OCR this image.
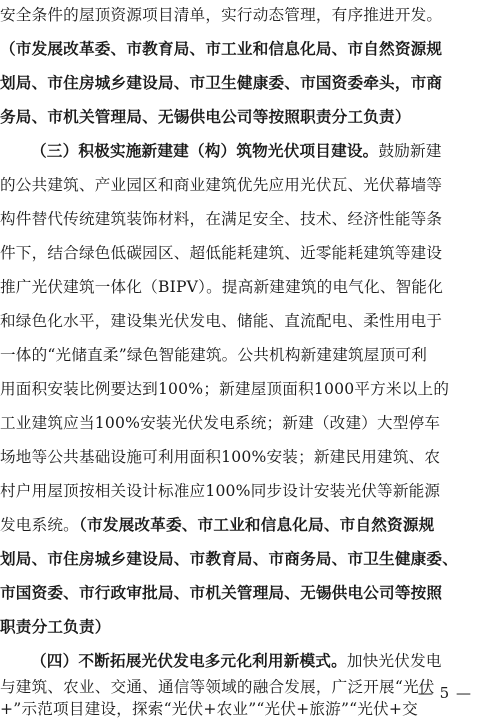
安全条件的屋顶资源项目清单，实行动态管理，有序推进开发。
（市发展改革委、市教育局、市工业和信息化局、市自然资源规
划局、市住房城乡建设局、市卫生健康委、市国资委牵头，市商
务局、市机关管理局、无锡供电公司等按照职责分工负责）
（三）积极实施新建建（构）筑物光伏项目建设。鼓励新建
的公共建筑、产业园区和商业建筑优先应用光伏瓦、光伏幕墙等
构件替代传统建筑装饰材料，在满足安全、技术、经济性能等条
件下，结合绿色低碳园区、超低能耗建筑、近零能耗建筑等建设
推广光伏建筑一体化（BIPV）。提高新建建筑的电气化、智能化
和绿色化水平，建设集光伏发电、储能、直流配电、柔性用电于
一体的“光储直柔”绿色智能建筑。公共机构新建建筑屋顶可利
用面积安装比例要达到100%；新建屋顶面积1000平方米以上的
工业建筑应当100%安装光伏发电系统；新建（改建）大型停车
场地等公共基础设施可利用面积100%安装；新建民用建筑、农
村户用屋顶按相关设计标准应100%同步设计安装光伏等新能源
发电系统。（市发展改革委、市工业和信息化局、市自然资源规
划局、市住房城乡建设局、市教育局、市商务局、市卫生健康委、
市国资委、市行政审批局、市机关管理局、无锡供电公司等按照
职责分工负责）
（四）不断拓展光伏发电多元化利用新模式。加快光伏发电
与建筑、农业、交通、通信等领域的融合发展，广泛开展“光伏
+”示范项目建设，探索“光伏+农业”“光伏+旅游”“光伏+交
— 5 —
